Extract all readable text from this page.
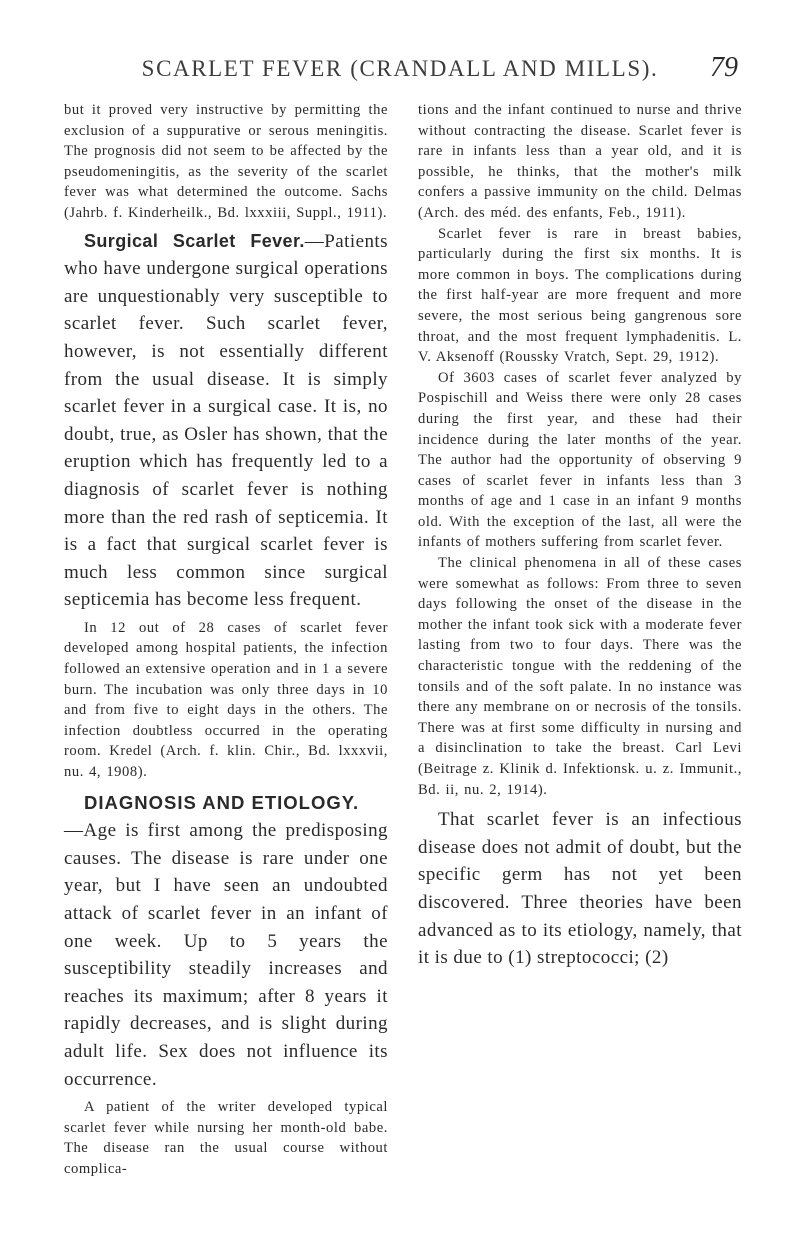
SCARLET FEVER (CRANDALL AND MILLS).	79

but it proved very instructive by permitting the exclusion of a suppurative or serous meningitis. The prognosis did not seem to be affected by the pseudomeningitis, as the severity of the scarlet fever was what determined the outcome. Sachs (Jahrb. f. Kinderheilk., Bd. lxxxiii, Suppl., 1911).

Surgical Scarlet Fever.—Patients who have undergone surgical operations are unquestionably very susceptible to scarlet fever. Such scarlet fever, however, is not essentially different from the usual disease. It is simply scarlet fever in a surgical case. It is, no doubt, true, as Osler has shown, that the eruption which has frequently led to a diagnosis of scarlet fever is nothing more than the red rash of septicemia. It is a fact that surgical scarlet fever is much less common since surgical septicemia has become less frequent.

In 12 out of 28 cases of scarlet fever developed among hospital patients, the infection followed an extensive operation and in 1 a severe burn. The incubation was only three days in 10 and from five to eight days in the others. The infection doubtless occurred in the operating room. Kredel (Arch. f. klin. Chir., Bd. lxxxvii, nu. 4, 1908).

DIAGNOSIS AND ETIOLOGY.
—Age is first among the predisposing causes. The disease is rare under one year, but I have seen an undoubted attack of scarlet fever in an infant of one week. Up to 5 years the susceptibility steadily increases and reaches its maximum; after 8 years it rapidly decreases, and is slight during adult life. Sex does not influence its occurrence.

A patient of the writer developed typical scarlet fever while nursing her month-old babe. The disease ran the usual course without complica-

tions and the infant continued to nurse and thrive without contracting the disease. Scarlet fever is rare in infants less than a year old, and it is possible, he thinks, that the mother's milk confers a passive immunity on the child. Delmas (Arch. des méd. des enfants, Feb., 1911).

Scarlet fever is rare in breast babies, particularly during the first six months. It is more common in boys. The complications during the first half-year are more frequent and more severe, the most serious being gangrenous sore throat, and the most frequent lymphadenitis. L. V. Aksenoff (Roussky Vratch, Sept. 29, 1912).

Of 3603 cases of scarlet fever analyzed by Pospischill and Weiss there were only 28 cases during the first year, and these had their incidence during the later months of the year. The author had the opportunity of observing 9 cases of scarlet fever in infants less than 3 months of age and 1 case in an infant 9 months old. With the exception of the last, all were the infants of mothers suffering from scarlet fever.

The clinical phenomena in all of these cases were somewhat as follows: From three to seven days following the onset of the disease in the mother the infant took sick with a moderate fever lasting from two to four days. There was the characteristic tongue with the reddening of the tonsils and of the soft palate. In no instance was there any membrane on or necrosis of the tonsils. There was at first some difficulty in nursing and a disinclination to take the breast. Carl Levi (Beitrage z. Klinik d. Infektionsk. u. z. Immunit., Bd. ii, nu. 2, 1914).

That scarlet fever is an infectious disease does not admit of doubt, but the specific germ has not yet been discovered. Three theories have been advanced as to its etiology, namely, that it is due to (1) streptococci; (2)
